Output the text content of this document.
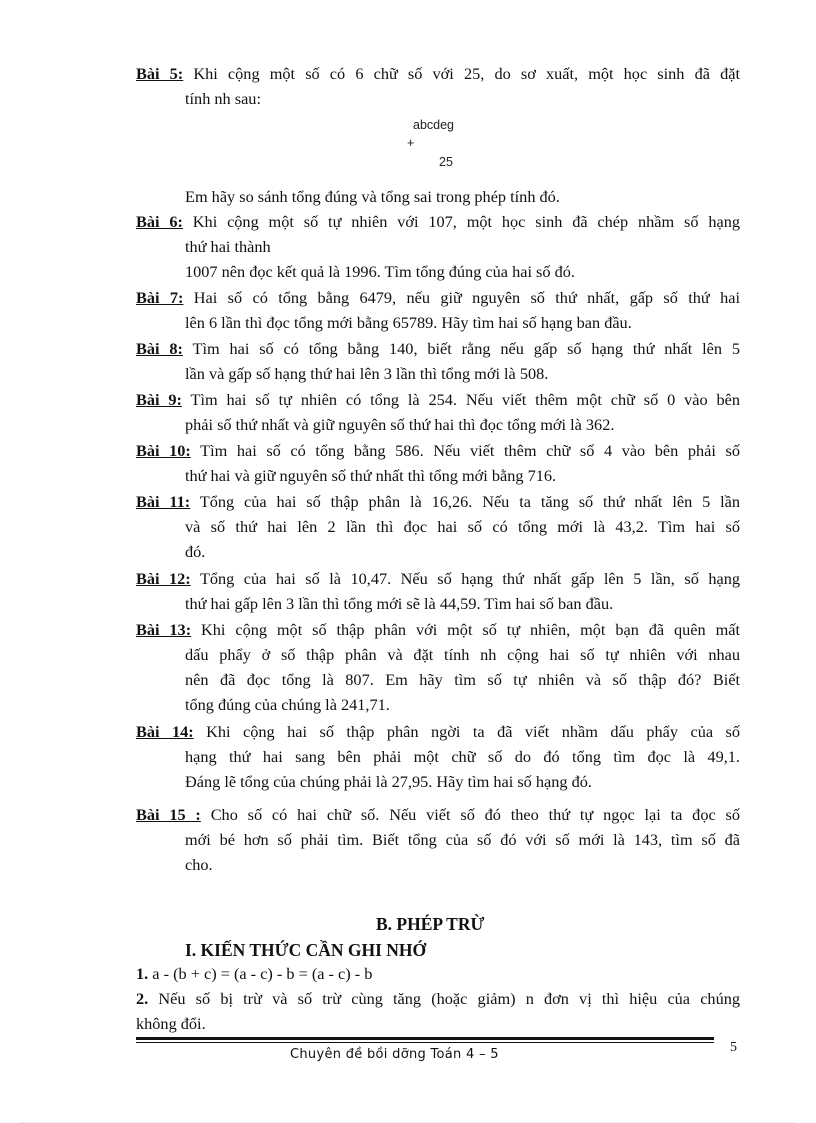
Bài 5: Khi cộng một số có 6 chữ số với 25, do sơ xuất, một học sinh đã đặt
tính nh sau:
abcdeg
+
25
Em hãy so sánh tổng đúng và tổng sai trong phép tính đó.
Bài 6: Khi cộng một số tự nhiên với 107, một học sinh đã chép nhầm số hạng
thứ hai thành
1007 nên đọc kết quả là 1996. Tìm tổng đúng của hai số đó.
Bài 7: Hai số có tổng bằng 6479, nếu giữ nguyên số thứ nhất, gấp số thứ hai
lên 6 lần thì đọc tổng mới bằng 65789. Hãy tìm hai số hạng ban đầu.
Bài 8: Tìm hai số có tổng bằng 140, biết rằng nếu gấp số hạng thứ nhất lên 5
lần và gấp số hạng thứ hai lên 3 lần thì tổng mới là 508.
Bài 9: Tìm hai số tự nhiên có tổng là 254. Nếu viết thêm một chữ số 0 vào bên
phải số thứ nhất và giữ nguyên số thứ hai thì đọc tổng mới là 362.
Bài 10: Tìm hai số có tổng bằng 586. Nếu viết thêm chữ số 4 vào bên phải số
thứ hai và giữ nguyên số thứ nhất thì tổng mới bằng 716.
Bài 11: Tổng của hai số thập phân là 16,26. Nếu ta tăng số thứ nhất lên 5 lần
và số thứ hai lên 2 lần thì đọc hai số có tổng mới là 43,2. Tìm hai số
đó.
Bài 12: Tổng của hai số là 10,47. Nếu số hạng thứ nhất gấp lên 5 lần, số hạng
thứ hai gấp lên 3 lần thì tổng mới sẽ là 44,59. Tìm hai số ban đầu.
Bài 13: Khi cộng một số thập phân với một số tự nhiên, một bạn đã quên mất
dấu phẩy ở số thập phân và đặt tính nh cộng hai số tự nhiên với nhau
nên đã đọc tổng là 807. Em hãy tìm số tự nhiên và số thập đó? Biết
tổng đúng của chúng là 241,71.
Bài 14: Khi cộng hai số thập phân ngời ta đã viết nhầm dấu phẩy của số
hạng thứ hai sang bên phải một chữ số do đó tổng tìm đọc là 49,1.
Đáng lẽ tổng của chúng phải là 27,95. Hãy tìm hai số hạng đó.
Bài 15 : Cho số có hai chữ số. Nếu viết số đó theo thứ tự ngọc lại ta đọc số
mới bé hơn số phải tìm. Biết tổng của số đó với số mới là 143, tìm số đã
cho.
B. PHÉP TRỪ
I. KIẾN THỨC CẦN GHI NHỚ
1. a - (b + c) = (a - c) - b = (a - c) - b
2. Nếu số bị trừ và số trừ cùng tăng (hoặc giảm) n đơn vị thì hiệu của chúng
không đổi.
Chuyên đề bồi dỡng Toán 4 – 5	5
